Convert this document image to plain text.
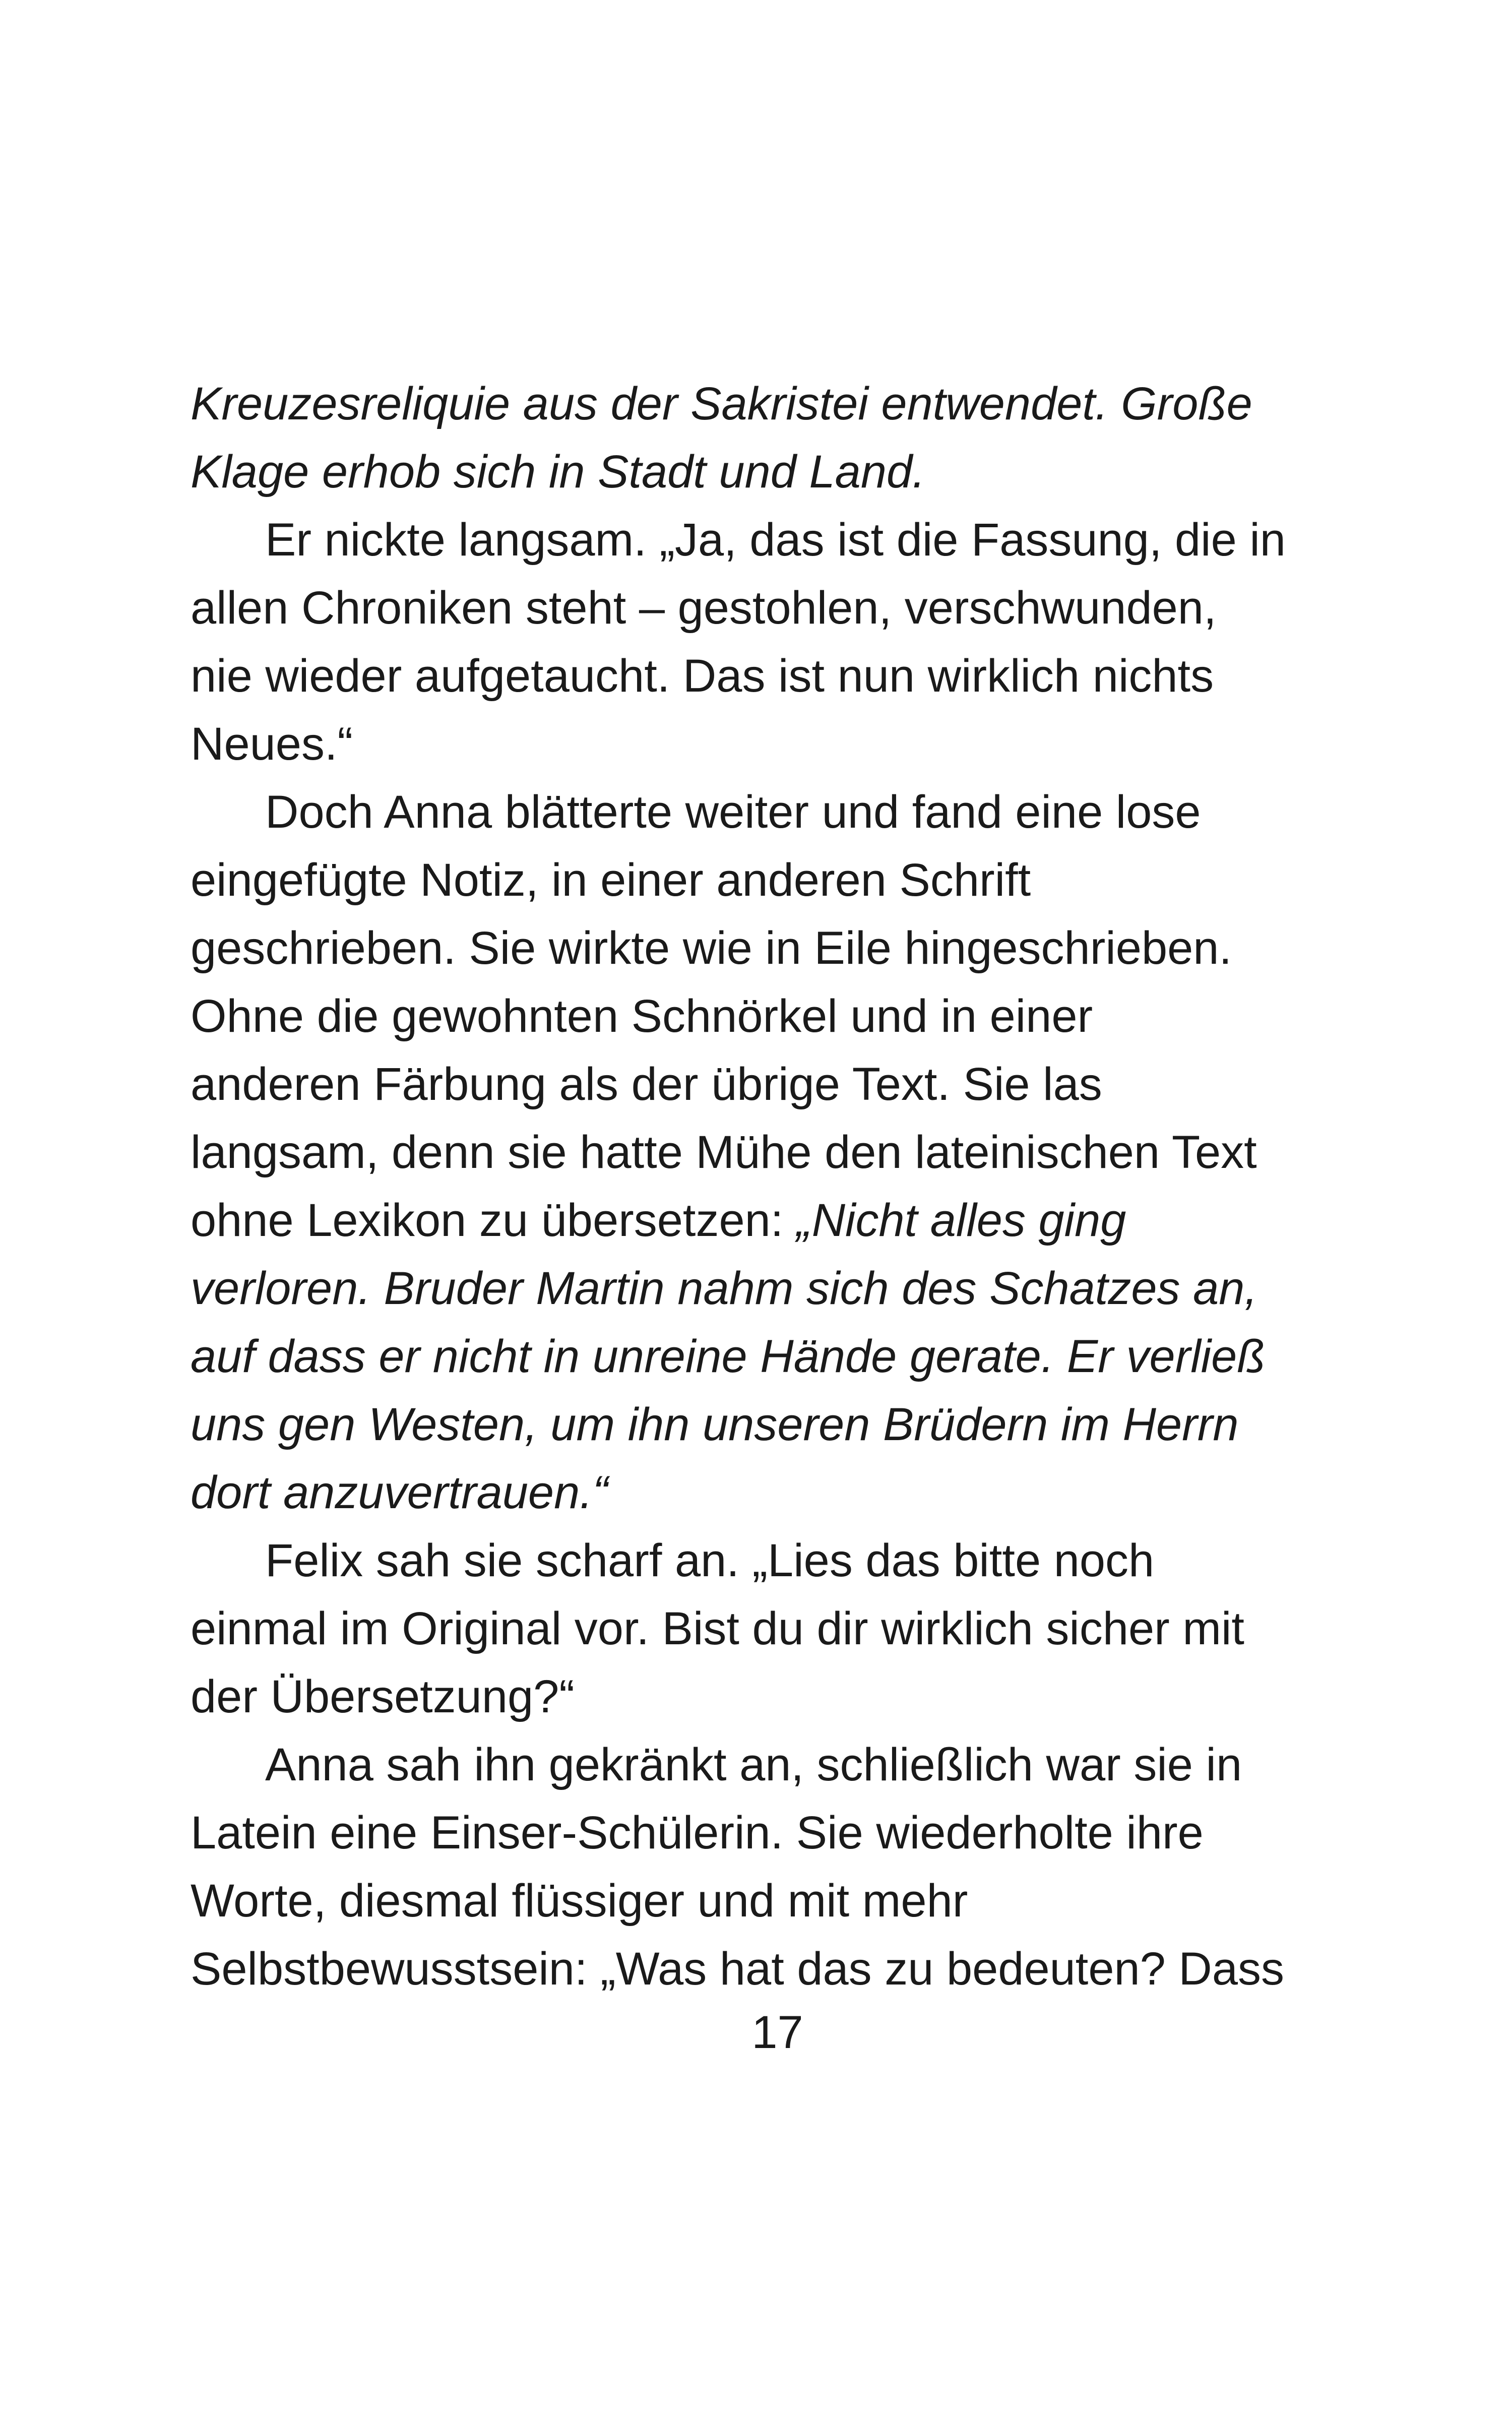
Kreuzesreliquie aus der Sakristei entwendet. Große
Klage erhob sich in Stadt und Land.
Er nickte langsam. „Ja, das ist die Fassung, die in
allen Chroniken steht – gestohlen, verschwunden,
nie wieder aufgetaucht. Das ist nun wirklich nichts
Neues.“
Doch Anna blätterte weiter und fand eine lose
eingefügte Notiz, in einer anderen Schrift
geschrieben. Sie wirkte wie in Eile hingeschrieben.
Ohne die gewohnten Schnörkel und in einer
anderen Färbung als der übrige Text. Sie las
langsam, denn sie hatte Mühe den lateinischen Text
ohne Lexikon zu übersetzen: „Nicht alles ging
verloren. Bruder Martin nahm sich des Schatzes an,
auf dass er nicht in unreine Hände gerate. Er verließ
uns gen Westen, um ihn unseren Brüdern im Herrn
dort anzuvertrauen.“
Felix sah sie scharf an. „Lies das bitte noch
einmal im Original vor. Bist du dir wirklich sicher mit
der Übersetzung?“
Anna sah ihn gekränkt an, schließlich war sie in
Latein eine Einser-Schülerin. Sie wiederholte ihre
Worte, diesmal flüssiger und mit mehr
Selbstbewusstsein: „Was hat das zu bedeuten? Dass
17
